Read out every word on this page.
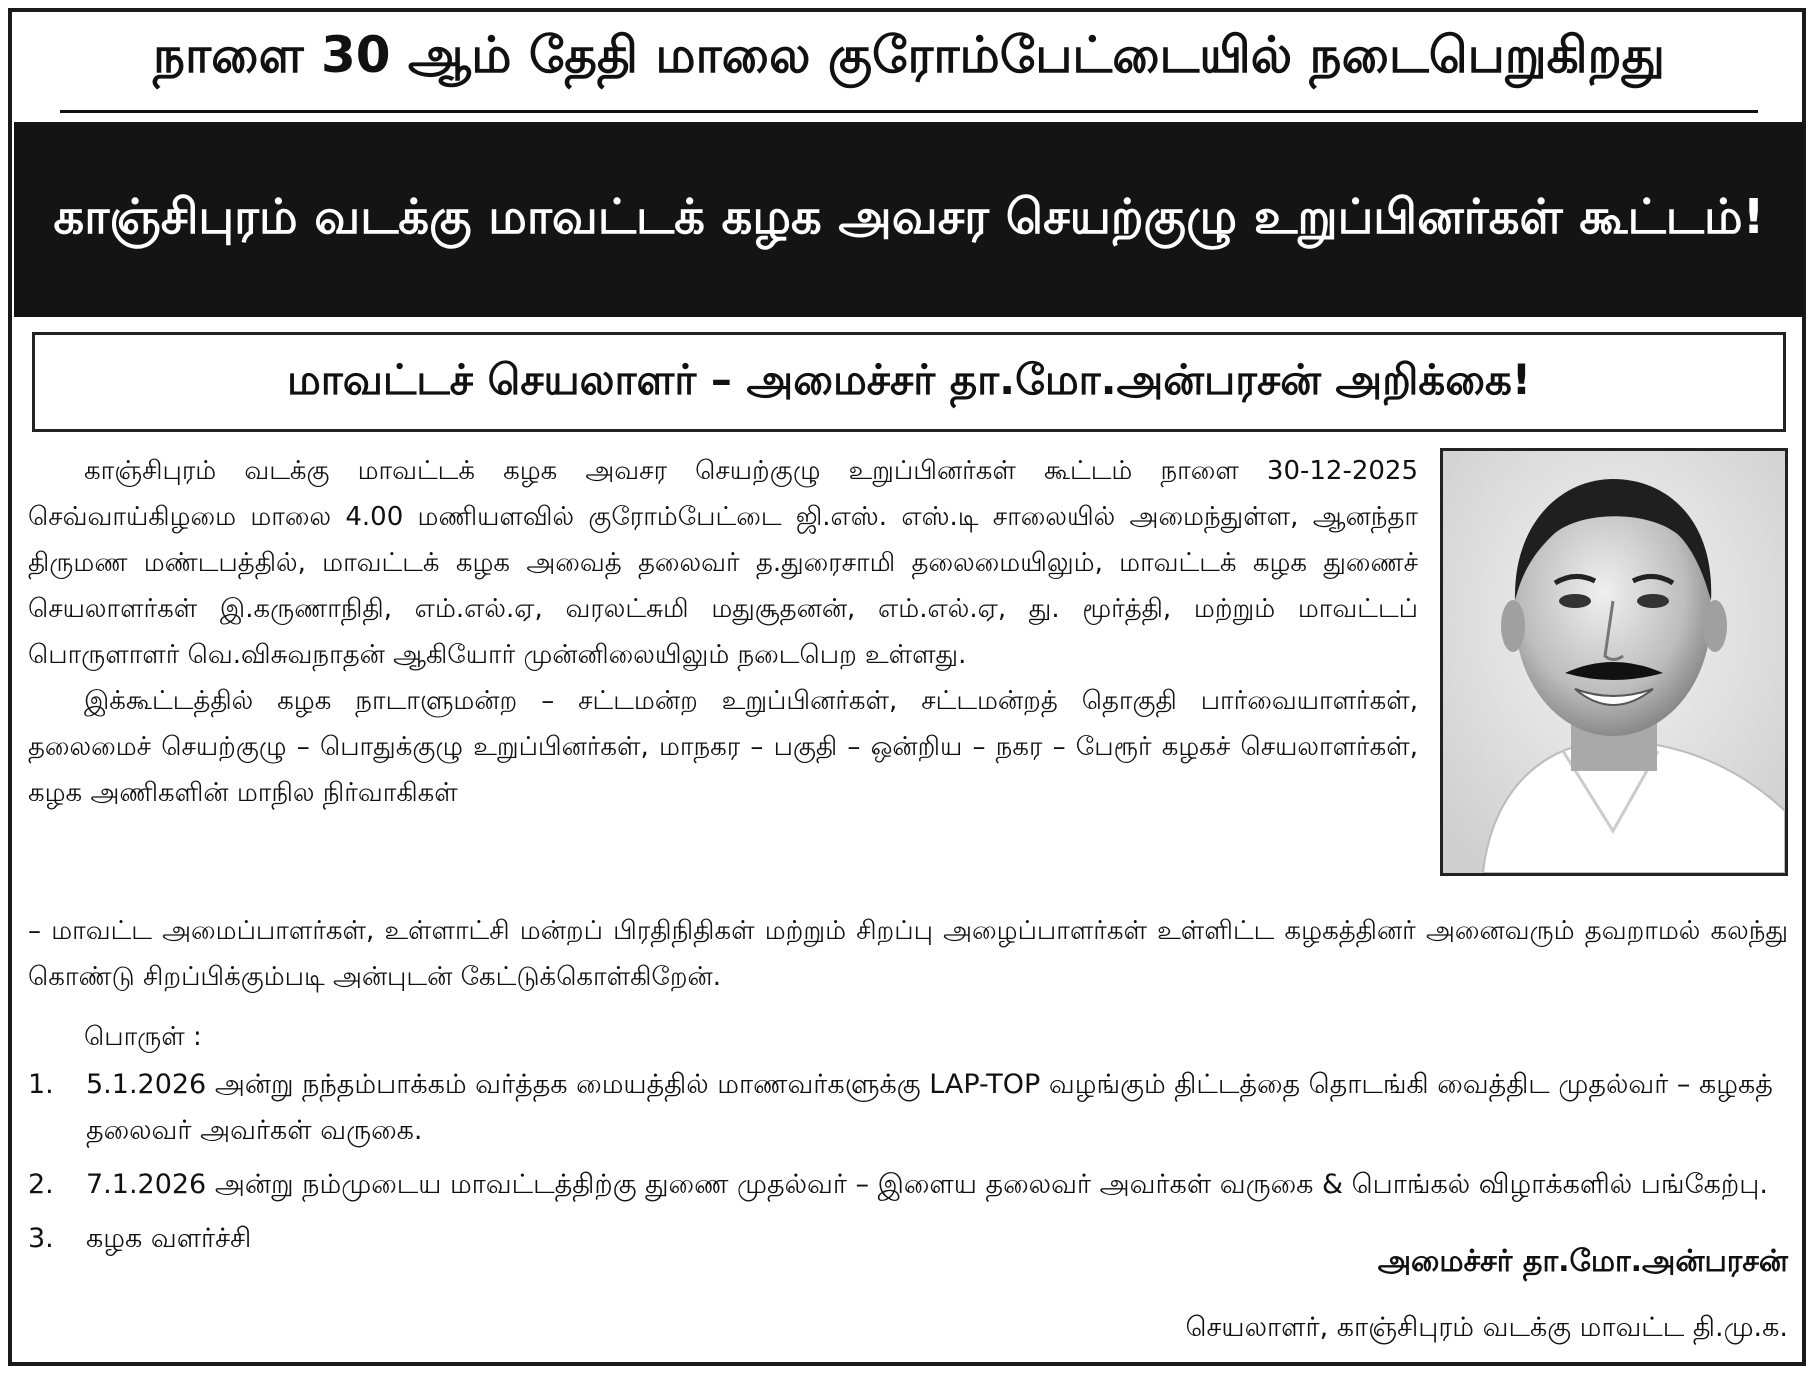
நாளை 30 ஆம் தேதி மாலை குரோம்பேட்டையில் நடைபெறுகிறது
காஞ்சிபுரம் வடக்கு மாவட்டக் கழக அவசர செயற்குழு உறுப்பினர்கள் கூட்டம்!
மாவட்டச் செயலாளர் – அமைச்சர் தா.மோ.அன்பரசன் அறிக்கை!

காஞ்சிபுரம் வடக்கு மாவட்டக் கழக அவசர செயற்குழு உறுப்பினர்கள் கூட்டம் நாளை 30-12-2025 செவ்வாய்கிழமை மாலை 4.00 மணியளவில் குரோம்பேட்டை ஜி.எஸ். எஸ்.டி சாலையில் அமைந்துள்ள, ஆனந்தா திருமண மண்டபத்தில், மாவட்டக் கழக அவைத் தலைவர் த.துரைசாமி தலைமையிலும், மாவட்டக் கழக துணைச் செயலாளர்கள் இ.கருணாநிதி, எம்.எல்.ஏ, வரலட்சுமி மதுசூதனன், எம்.எல்.ஏ, து. மூர்த்தி, மற்றும் மாவட்டப் பொருளாளர் வெ.விசுவநாதன் ஆகியோர் முன்னிலையிலும் நடைபெற உள்ளது.

இக்கூட்டத்தில் கழக நாடாளுமன்ற – சட்டமன்ற உறுப்பினர்கள், சட்டமன்றத் தொகுதி பார்வையாளர்கள், தலைமைச் செயற்குழு – பொதுக்குழு உறுப்பினர்கள், மாநகர – பகுதி – ஒன்றிய – நகர – பேரூர் கழகச் செயலாளர்கள், கழக அணிகளின் மாநில நிர்வாகிகள்

– மாவட்ட அமைப்பாளர்கள், உள்ளாட்சி மன்றப் பிரதிநிதிகள் மற்றும் சிறப்பு அழைப்பாளர்கள் உள்ளிட்ட கழகத்தினர் அனைவரும் தவறாமல் கலந்து கொண்டு சிறப்பிக்கும்படி அன்புடன் கேட்டுக்கொள்கிறேன்.

பொருள் :
1.	5.1.2026 அன்று நந்தம்பாக்கம் வர்த்தக மையத்தில் மாணவர்களுக்கு LAP-TOP வழங்கும் திட்டத்தை தொடங்கி வைத்திட முதல்வர் – கழகத் தலைவர் அவர்கள் வருகை.
2.	7.1.2026 அன்று நம்முடைய மாவட்டத்திற்கு துணை முதல்வர் – இளைய தலைவர் அவர்கள் வருகை & பொங்கல் விழாக்களில் பங்கேற்பு.
3.	கழக வளர்ச்சி
அமைச்சர் தா.மோ.அன்பரசன்
செயலாளர், காஞ்சிபுரம் வடக்கு மாவட்ட தி.மு.க.
